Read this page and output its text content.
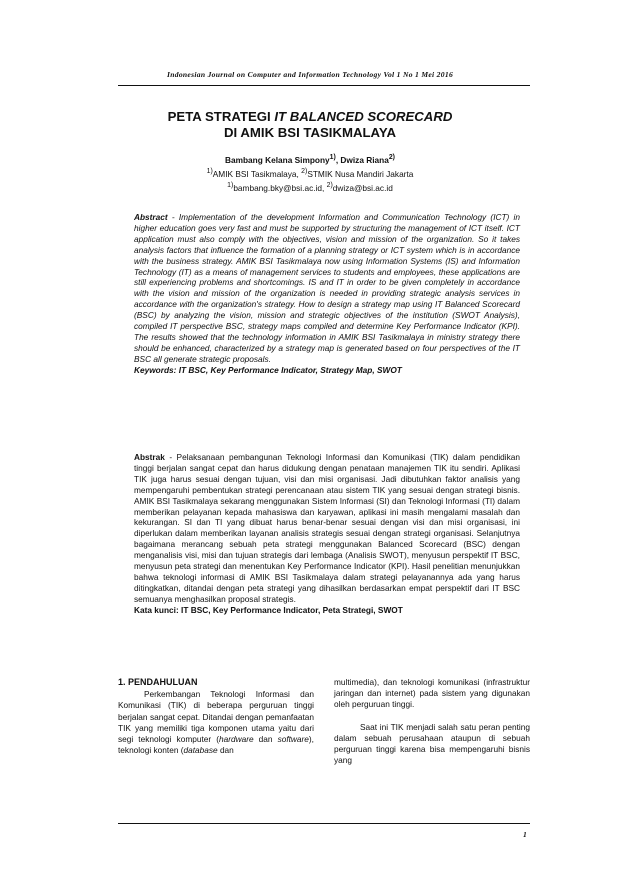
Indonesian Journal on Computer and Information Technology Vol 1 No 1 Mei 2016
PETA STRATEGI IT BALANCED SCORECARD
DI AMIK BSI TASIKMALAYA
Bambang Kelana Simpony$^{1)}$, Dwiza Riana$^{2)}$
$^{1)}$AMIK BSI Tasikmalaya, $^{2)}$STMIK Nusa Mandiri Jakarta
$^{1)}$bambang.bky@bsi.ac.id, $^{2)}$dwiza@bsi.ac.id
Abstract - Implementation of the development Information and Communication Technology (ICT) in higher education goes very fast and must be supported by structuring the management of ICT itself. ICT application must also comply with the objectives, vision and mission of the organization. So it takes analysis factors that influence the formation of a planning strategy or ICT system which is in accordance with the business strategy. AMIK BSI Tasikmalaya now using Information Systems (IS) and Information Technology (IT) as a means of management services to students and employees, these applications are still experiencing problems and shortcomings. IS and IT in order to be given completely in accordance with the vision and mission of the organization is needed in providing strategic analysis services in accordance with the organization's strategy. How to design a strategy map using IT Balanced Scorecard (BSC) by analyzing the vision, mission and strategic objectives of the institution (SWOT Analysis), compiled IT perspective BSC, strategy maps compiled and determine Key Performance Indicator (KPI). The results showed that the technology information in AMIK BSI Tasikmalaya in ministry strategy there should be enhanced, characterized by a strategy map is generated based on four perspectives of the IT BSC all generate strategic proposals.
Keywords: IT BSC, Key Performance Indicator, Strategy Map, SWOT
Abstrak - Pelaksanaan pembangunan Teknologi Informasi dan Komunikasi (TIK) dalam pendidikan tinggi berjalan sangat cepat dan harus didukung dengan penataan manajemen TIK itu sendiri. Aplikasi TIK juga harus sesuai dengan tujuan, visi dan misi organisasi. Jadi dibutuhkan faktor analisis yang mempengaruhi pembentukan strategi perencanaan atau sistem TIK yang sesuai dengan strategi bisnis. AMIK BSI Tasikmalaya sekarang menggunakan Sistem Informasi (SI) dan Teknologi Informasi (TI) dalam memberikan pelayanan kepada mahasiswa dan karyawan, aplikasi ini masih mengalami masalah dan kekurangan. SI dan TI yang dibuat harus benar-benar sesuai dengan visi dan misi organisasi, ini diperlukan dalam memberikan layanan analisis strategis sesuai dengan strategi organisasi. Selanjutnya bagaimana merancang sebuah peta strategi menggunakan Balanced Scorecard (BSC) dengan menganalisis visi, misi dan tujuan strategis dari lembaga (Analisis SWOT), menyusun perspektif IT BSC, menyusun peta strategi dan menentukan Key Performance Indicator (KPI). Hasil penelitian menunjukkan bahwa teknologi informasi di AMIK BSI Tasikmalaya dalam strategi pelayanannya ada yang harus ditingkatkan, ditandai dengan peta strategi yang dihasilkan berdasarkan empat perspektif dari IT BSC semuanya menghasilkan proposal strategis.
Kata kunci: IT BSC, Key Performance Indicator, Peta Strategi, SWOT
1. PENDAHULUAN

Perkembangan Teknologi Informasi dan Komunikasi (TIK) di beberapa perguruan tinggi berjalan sangat cepat. Ditandai dengan pemanfaatan TIK yang memiliki tiga komponen utama yaitu dari segi teknologi komputer (hardware dan software), teknologi konten (database dan

multimedia), dan teknologi komunikasi (infrastruktur jaringan dan internet) pada sistem yang digunakan oleh perguruan tinggi.

Saat ini TIK menjadi salah satu peran penting dalam sebuah perusahaan ataupun di sebuah perguruan tinggi karena bisa mempengaruhi bisnis yang

1
